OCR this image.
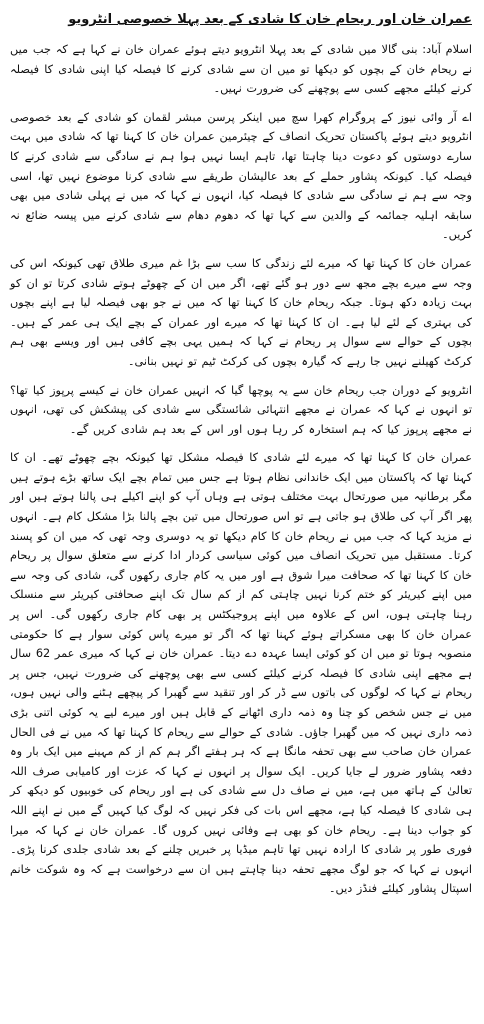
عمران خان اور ریحام خان کا شادی کے بعد پہلا خصوصی انٹرویو

اسلام آباد: بنی گالا میں شادی کے بعد پہلا انٹرویو دیتے ہوئے عمران خان نے کہا ہے کہ جب میں نے ریحام خان کے بچوں کو دیکھا تو میں ان سے شادی کرنے کا فیصلہ کیا اپنی شادی کا فیصلہ کرنے کیلئے مجھے کسی سے پوچھنے کی ضرورت نہیں۔

اے آر وائی نیوز کے پروگرام کھرا سچ میں اینکر پرسن مبشر لقمان کو شادی کے بعد خصوصی انٹرویو دیتے ہوئے پاکستان تحریک انصاف کے چیئرمین عمران خان کا کہنا تھا کہ شادی میں بہت سارے دوستوں کو دعوت دینا چاہتا تھا، تاہم ایسا نہیں ہوا ہم نے سادگی سے شادی کرنے کا فیصلہ کیا۔ کیونکہ پشاور حملے کے بعد عالیشان طریقے سے شادی کرنا موضوع نہیں تھا، اسی وجہ سے ہم نے سادگی سے شادی کا فیصلہ کیا، انہوں نے کہا کہ میں نے پہلی شادی میں بھی سابقہ اہلیہ جمائمہ کے والدین سے کہا تھا کہ دھوم دھام سے شادی کرنے میں پیسہ ضائع نہ کریں۔

عمران خان کا کہنا تھا کہ میرے لئے زندگی کا سب سے بڑا غم میری طلاق تھی کیونکہ اس کی وجہ سے میرے بچے مجھ سے دور ہو گئے تھے، اگر میں ان کے چھوٹے ہوتے شادی کرتا تو ان کو بہت زیادہ دکھ ہوتا۔ جبکہ ریحام خان کا کہنا تھا کہ میں نے جو بھی فیصلہ لیا ہے اپنے بچوں کی بہتری کے لئے لیا ہے۔ ان کا کہنا تھا کہ میرے اور عمران کے بچے ایک ہی عمر کے ہیں۔ بچوں کے حوالے سے سوال پر ریحام نے کہا کہ ہمیں یہی بچے کافی ہیں اور ویسے بھی ہم کرکٹ کھیلنے نہیں جا رہے کہ گیارہ بچوں کی کرکٹ ٹیم تو نہیں بنانی۔

انٹرویو کے دوران جب ریحام خان سے یہ پوچھا گیا کہ انہیں عمران خان نے کیسے پرپوز کیا تھا؟ تو انہوں نے کہا کہ عمران نے مجھے انتہائی شائستگی سے شادی کی پیشکش کی تھی، انہوں نے مجھے پرپوز کیا کہ ہم استخارہ کر رہا ہوں اور اس کے بعد ہم شادی کریں گے۔

عمران خان کا کہنا تھا کہ میرے لئے شادی کا فیصلہ مشکل تھا کیونکہ بچے چھوٹے تھے۔ ان کا کہنا تھا کہ پاکستان میں ایک خاندانی نظام ہوتا ہے جس میں تمام بچے ایک ساتھ بڑے ہوتے ہیں مگر برطانیہ میں صورتحال بہت مختلف ہوتی ہے وہاں آپ کو اپنے اکیلے ہی پالنا ہوتے ہیں اور پھر اگر آپ کی طلاق ہو جاتی ہے تو اس صورتحال میں تین بچے پالنا بڑا مشکل کام ہے۔ انہوں نے مزید کہا کہ جب میں نے ریحام خان کا کام دیکھا تو یہ دوسری وجہ تھی کہ میں ان کو پسند کرتا۔ مستقبل میں تحریک انصاف میں کوئی سیاسی کردار ادا کرنے سے متعلق سوال پر ریحام خان کا کہنا تھا کہ صحافت میرا شوق ہے اور میں یہ کام جاری رکھوں گی، شادی کی وجہ سے میں اپنے کیریئر کو ختم کرنا نہیں چاہتی کم از کم سال تک اپنے صحافتی کیریئر سے منسلک رہنا چاہتی ہوں، اس کے علاوہ میں اپنے پروجیکٹس پر بھی کام جاری رکھوں گی۔ اس پر عمران خان کا بھی مسکراتے ہوئے کہنا تھا کہ اگر تو میرے پاس کوئی سوار ہے کا حکومتی منصوبہ ہوتا تو میں ان کو کوئی ایسا عہدہ دے دیتا۔ عمران خان نے کہا کہ میری عمر 62 سال ہے مجھے اپنی شادی کا فیصلہ کرنے کیلئے کسی سے بھی پوچھنے کی ضرورت نہیں، جس پر ریحام نے کہا کہ لوگوں کی باتوں سے ڈر کر اور تنقید سے گھبرا کر پیچھے ہٹنے والی نہیں ہوں، میں نے جس شخص کو چنا وہ ذمہ داری اٹھانے کے قابل ہیں اور میرے لیے یہ کوئی اتنی بڑی ذمہ داری نہیں کہ میں گھبرا جاؤں۔ شادی کے حوالے سے ریحام کا کہنا تھا کہ میں نے فی الحال عمران خان صاحب سے بھی تحفہ مانگا ہے کہ ہر ہفتے اگر ہم کم از کم مہینے میں ایک بار وہ دفعہ پشاور ضرور لے جایا کریں۔ ایک سوال پر انہوں نے کہا کہ عزت اور کامیابی صرف اللہ تعالیٰ کے ہاتھ میں ہے، میں نے صاف دل سے شادی کی ہے اور ریحام کی خوبیوں کو دیکھ کر ہی شادی کا فیصلہ کیا ہے، مجھے اس بات کی فکر نہیں کہ لوگ کیا کہیں گے میں نے اپنے اللہ کو جواب دینا ہے۔ ریحام خان کو بھی ہے وفائی نہیں کروں گا۔ عمران خان نے کہا کہ میرا فوری طور پر شادی کا ارادہ نہیں تھا تاہم میڈیا پر خبریں چلنے کے بعد شادی جلدی کرنا پڑی۔ انہوں نے کہا کہ جو لوگ مجھے تحفہ دینا چاہتے ہیں ان سے درخواست ہے کہ وہ شوکت خانم اسپتال پشاور کیلئے فنڈز دیں۔
